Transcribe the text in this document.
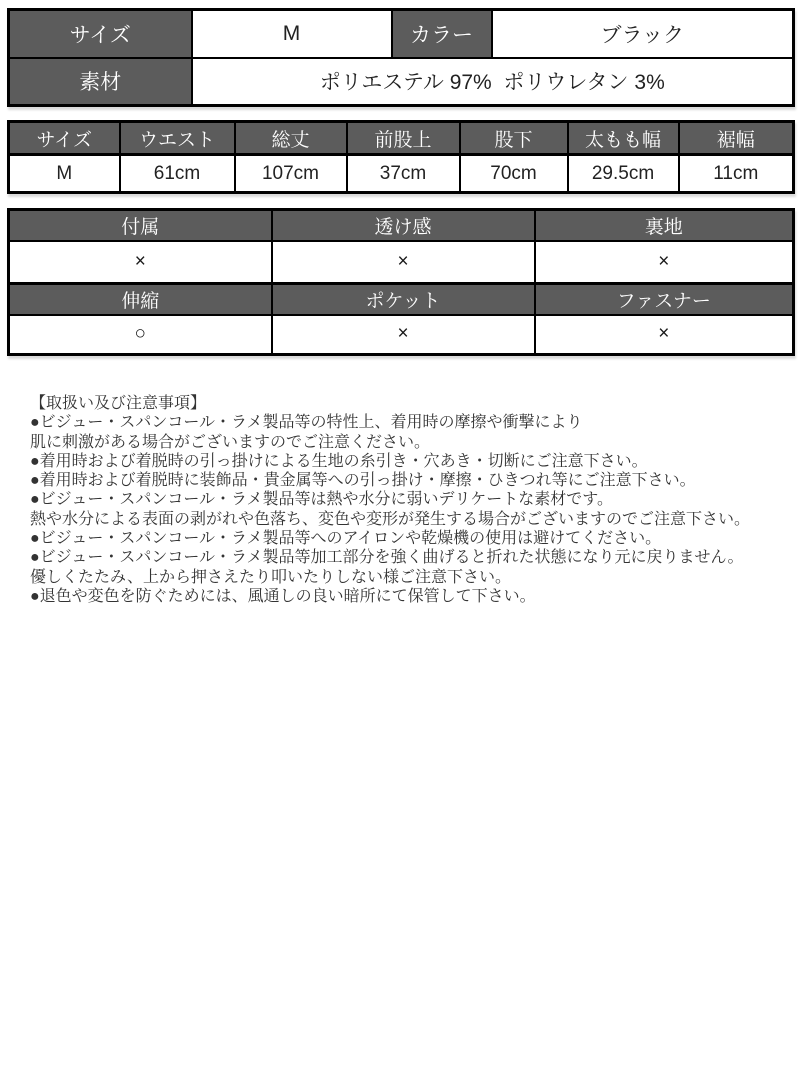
サイズ	M	カラー	ブラック
素材	ポリエステル 97%  ポリウレタン 3%		
サイズ	ウエスト	総丈	前股上	股下	太もも幅	裾幅
M	61cm	107cm	37cm	70cm	29.5cm	11cm
付属	透け感	裏地
×	×	×
伸縮	ポケット	ファスナー
○	×	×
【取扱い及び注意事項】
●ビジュー・スパンコール・ラメ製品等の特性上、着用時の摩擦や衝撃により
肌に刺激がある場合がございますのでご注意ください。
●着用時および着脱時の引っ掛けによる生地の糸引き・穴あき・切断にご注意下さい。
●着用時および着脱時に装飾品・貴金属等への引っ掛け・摩擦・ひきつれ等にご注意下さい。
●ビジュー・スパンコール・ラメ製品等は熱や水分に弱いデリケートな素材です。
熱や水分による表面の剥がれや色落ち、変色や変形が発生する場合がございますのでご注意下さい。
●ビジュー・スパンコール・ラメ製品等へのアイロンや乾燥機の使用は避けてください。
●ビジュー・スパンコール・ラメ製品等加工部分を強く曲げると折れた状態になり元に戻りません。
優しくたたみ、上から押さえたり叩いたりしない様ご注意下さい。
●退色や変色を防ぐためには、風通しの良い暗所にて保管して下さい。
